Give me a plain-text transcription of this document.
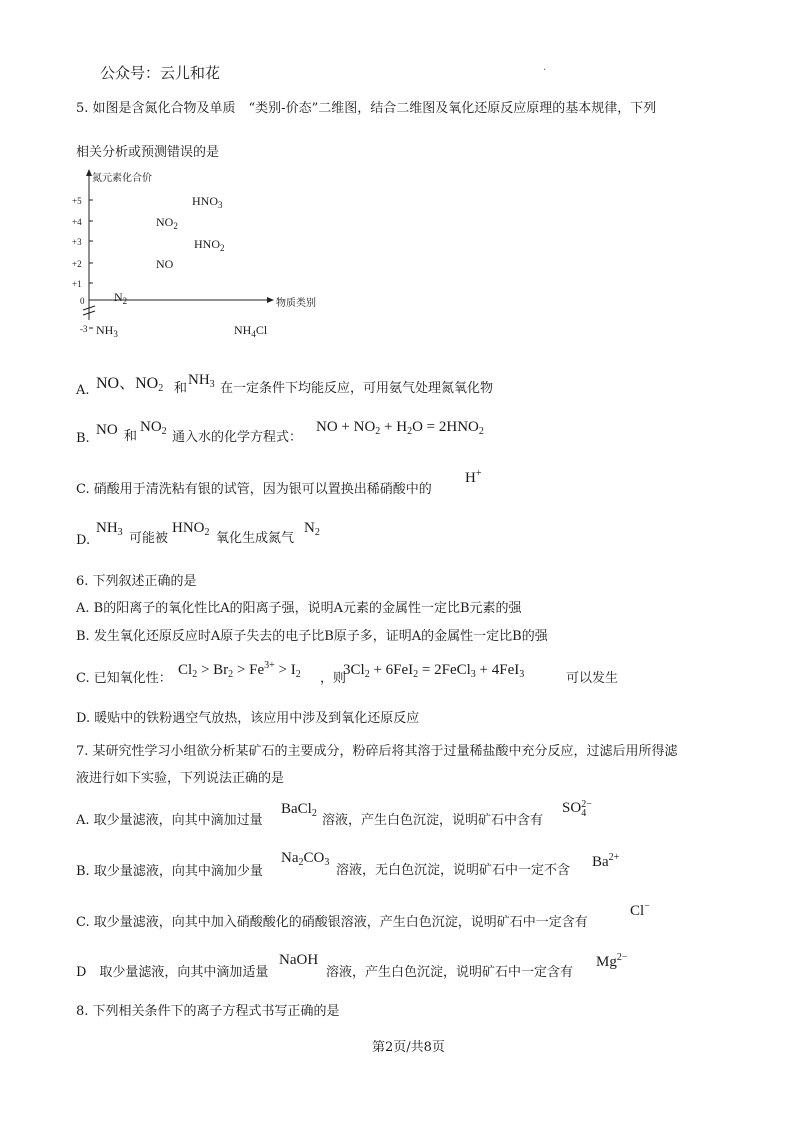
公众号：云儿和花	.
5. 如图是含氮化合物及单质　“类别-价态”二维图，结合二维图及氧化还原反应原理的基本规律，下列
相关分析或预测错误的是
氮元素化合价
物质类别
+5
+4
+3
+2
+1
0
-3
$HNO_3$
$NO_2$
$HNO_2$
NO
$N_2$
$NH_3$	$NH_4Cl$
A. NO、$NO_2$ 和
$NH_3$ 在一定条件下均能反应，可用氨气处理氮氧化物
B.
NO 和
$NO_2$ 通入水的化学方程式：
NO + $NO_2 + H_2O = 2HNO_2$
C. 硝酸用于清洗粘有银的试管，因为银可以置换出稀硝酸中的
H+
D.
$NH_3$ 可能被
$HNO_2$ 氧化生成氮气
$N_2$
6. 下列叙述正确的是
A. B的阳离子的氧化性比A的阳离子强，说明A元素的金属性一定比B元素的强
B. 发生氧化还原反应时A原子失去的电子比B原子多，证明A的金属性一定比B的强
C. 已知氧化性：
$Cl_2 > Br_2 > Fe^{3+} > I_2$ ，则
$3Cl_2 + 6FeI_2$ = 2FeCl$_3$ + 4FeI$_3$	可以发生
D. 暖贴中的铁粉遇空气放热，该应用中涉及到氧化还原反应
7. 某研究性学习小组欲分析某矿石的主要成分，粉碎后将其溶于过量稀盐酸中充分反应，过滤后用所得滤
液进行如下实验，下列说法正确的是
A. 取少量滤液，向其中滴加过量
BaCl$_2$ 溶液，产生白色沉淀，说明矿石中含有
SO 2−
4
B. 取少量滤液，向其中滴加少量
$Na_2CO_3$
溶液，无白色沉淀，说明矿石中一定不含
$Ba^{2+}$
C. 取少量滤液，向其中加入硝酸酸化的硝酸银溶液，产生白色沉淀，说明矿石中一定含有
Cl−
D　取少量滤液，向其中滴加适量
NaOH
溶液，产生白色沉淀，说明矿石中一定含有
$Mg^{2-}$
8. 下列相关条件下的离子方程式书写正确的是
第2页/共8页
